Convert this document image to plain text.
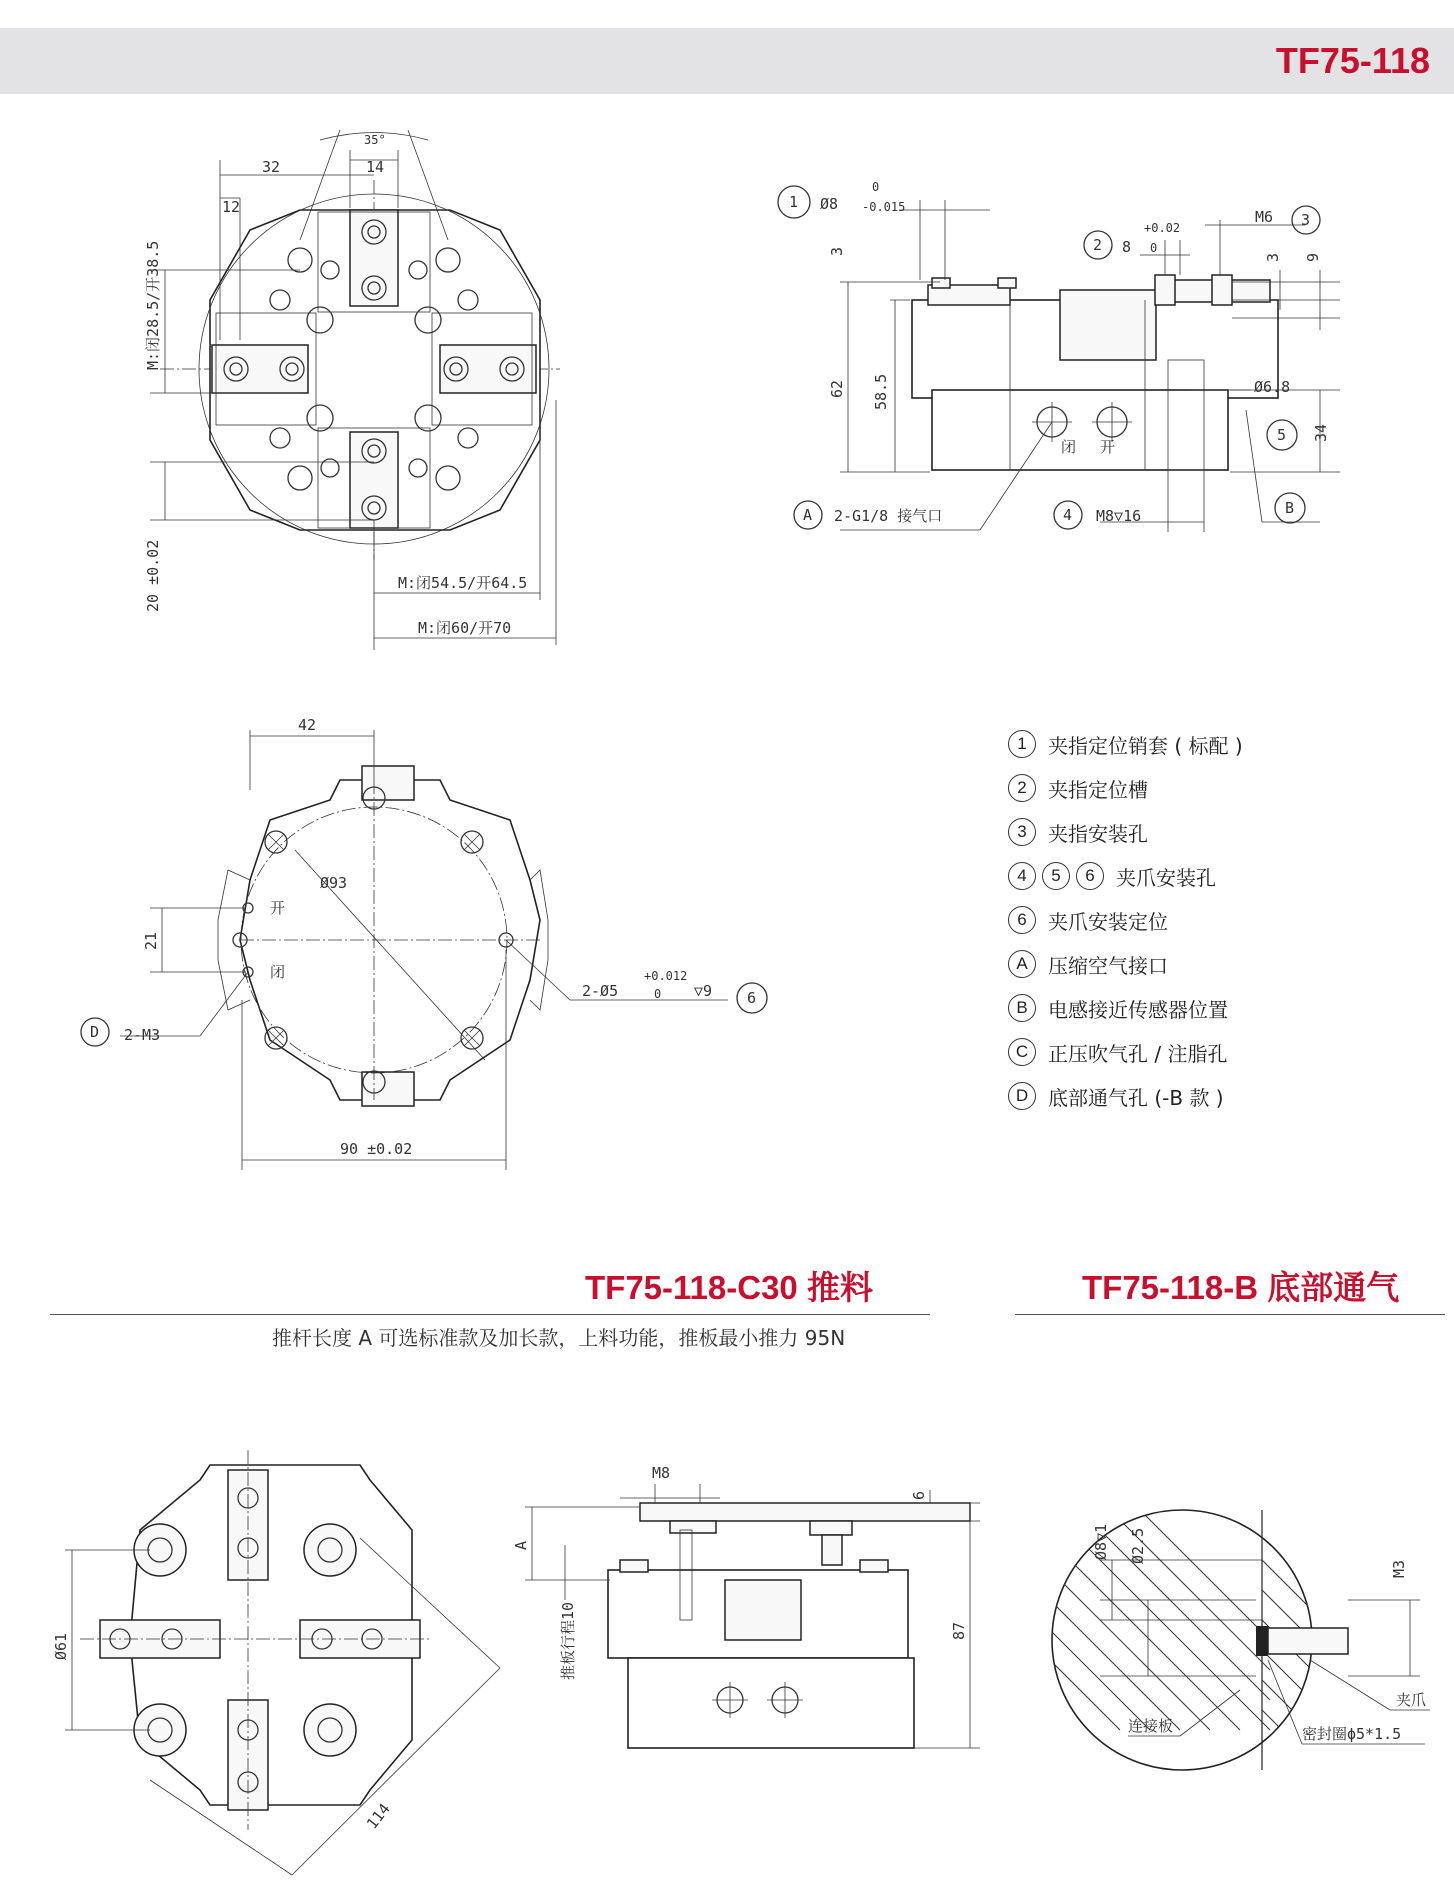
TF75-118
35°
32	14
12
M:闭28.5/开38.5
20 ±0.02	M:闭54.5/开64.5
M:闭60/开70
1 Ø8
0
-0.015
2 8
+0.02
0
M6 3
3
3 9
62 58.5	Ø6.8
5 34
闭 开
A 2-G1/8 接气口	4 M8▽16	B
42
Ø93
21
开
闭
2-Ø5
+0.012
0 ▽9 6
D 2-M3
90 ±0.02
Ø61
114
M8
6
A
推板行程10	87
Ø8▽1 Ø2.5
M3
夹爪
连接板	密封圈ϕ5*1.5
1	夹指定位销套 ( 标配 )
2	夹指定位槽
3	夹指安装孔
4	5	6	夹爪安装孔
6	夹爪安装定位
A	压缩空气接口
B	电感接近传感器位置
C 正压吹气孔 / 注脂孔
D 底部通气孔 (-B 款 )
TF75-118-C30 推料
推杆长度 A 可选标准款及加长款，上料功能，推板最小推力 95N
TF75-118-B 底部通气
